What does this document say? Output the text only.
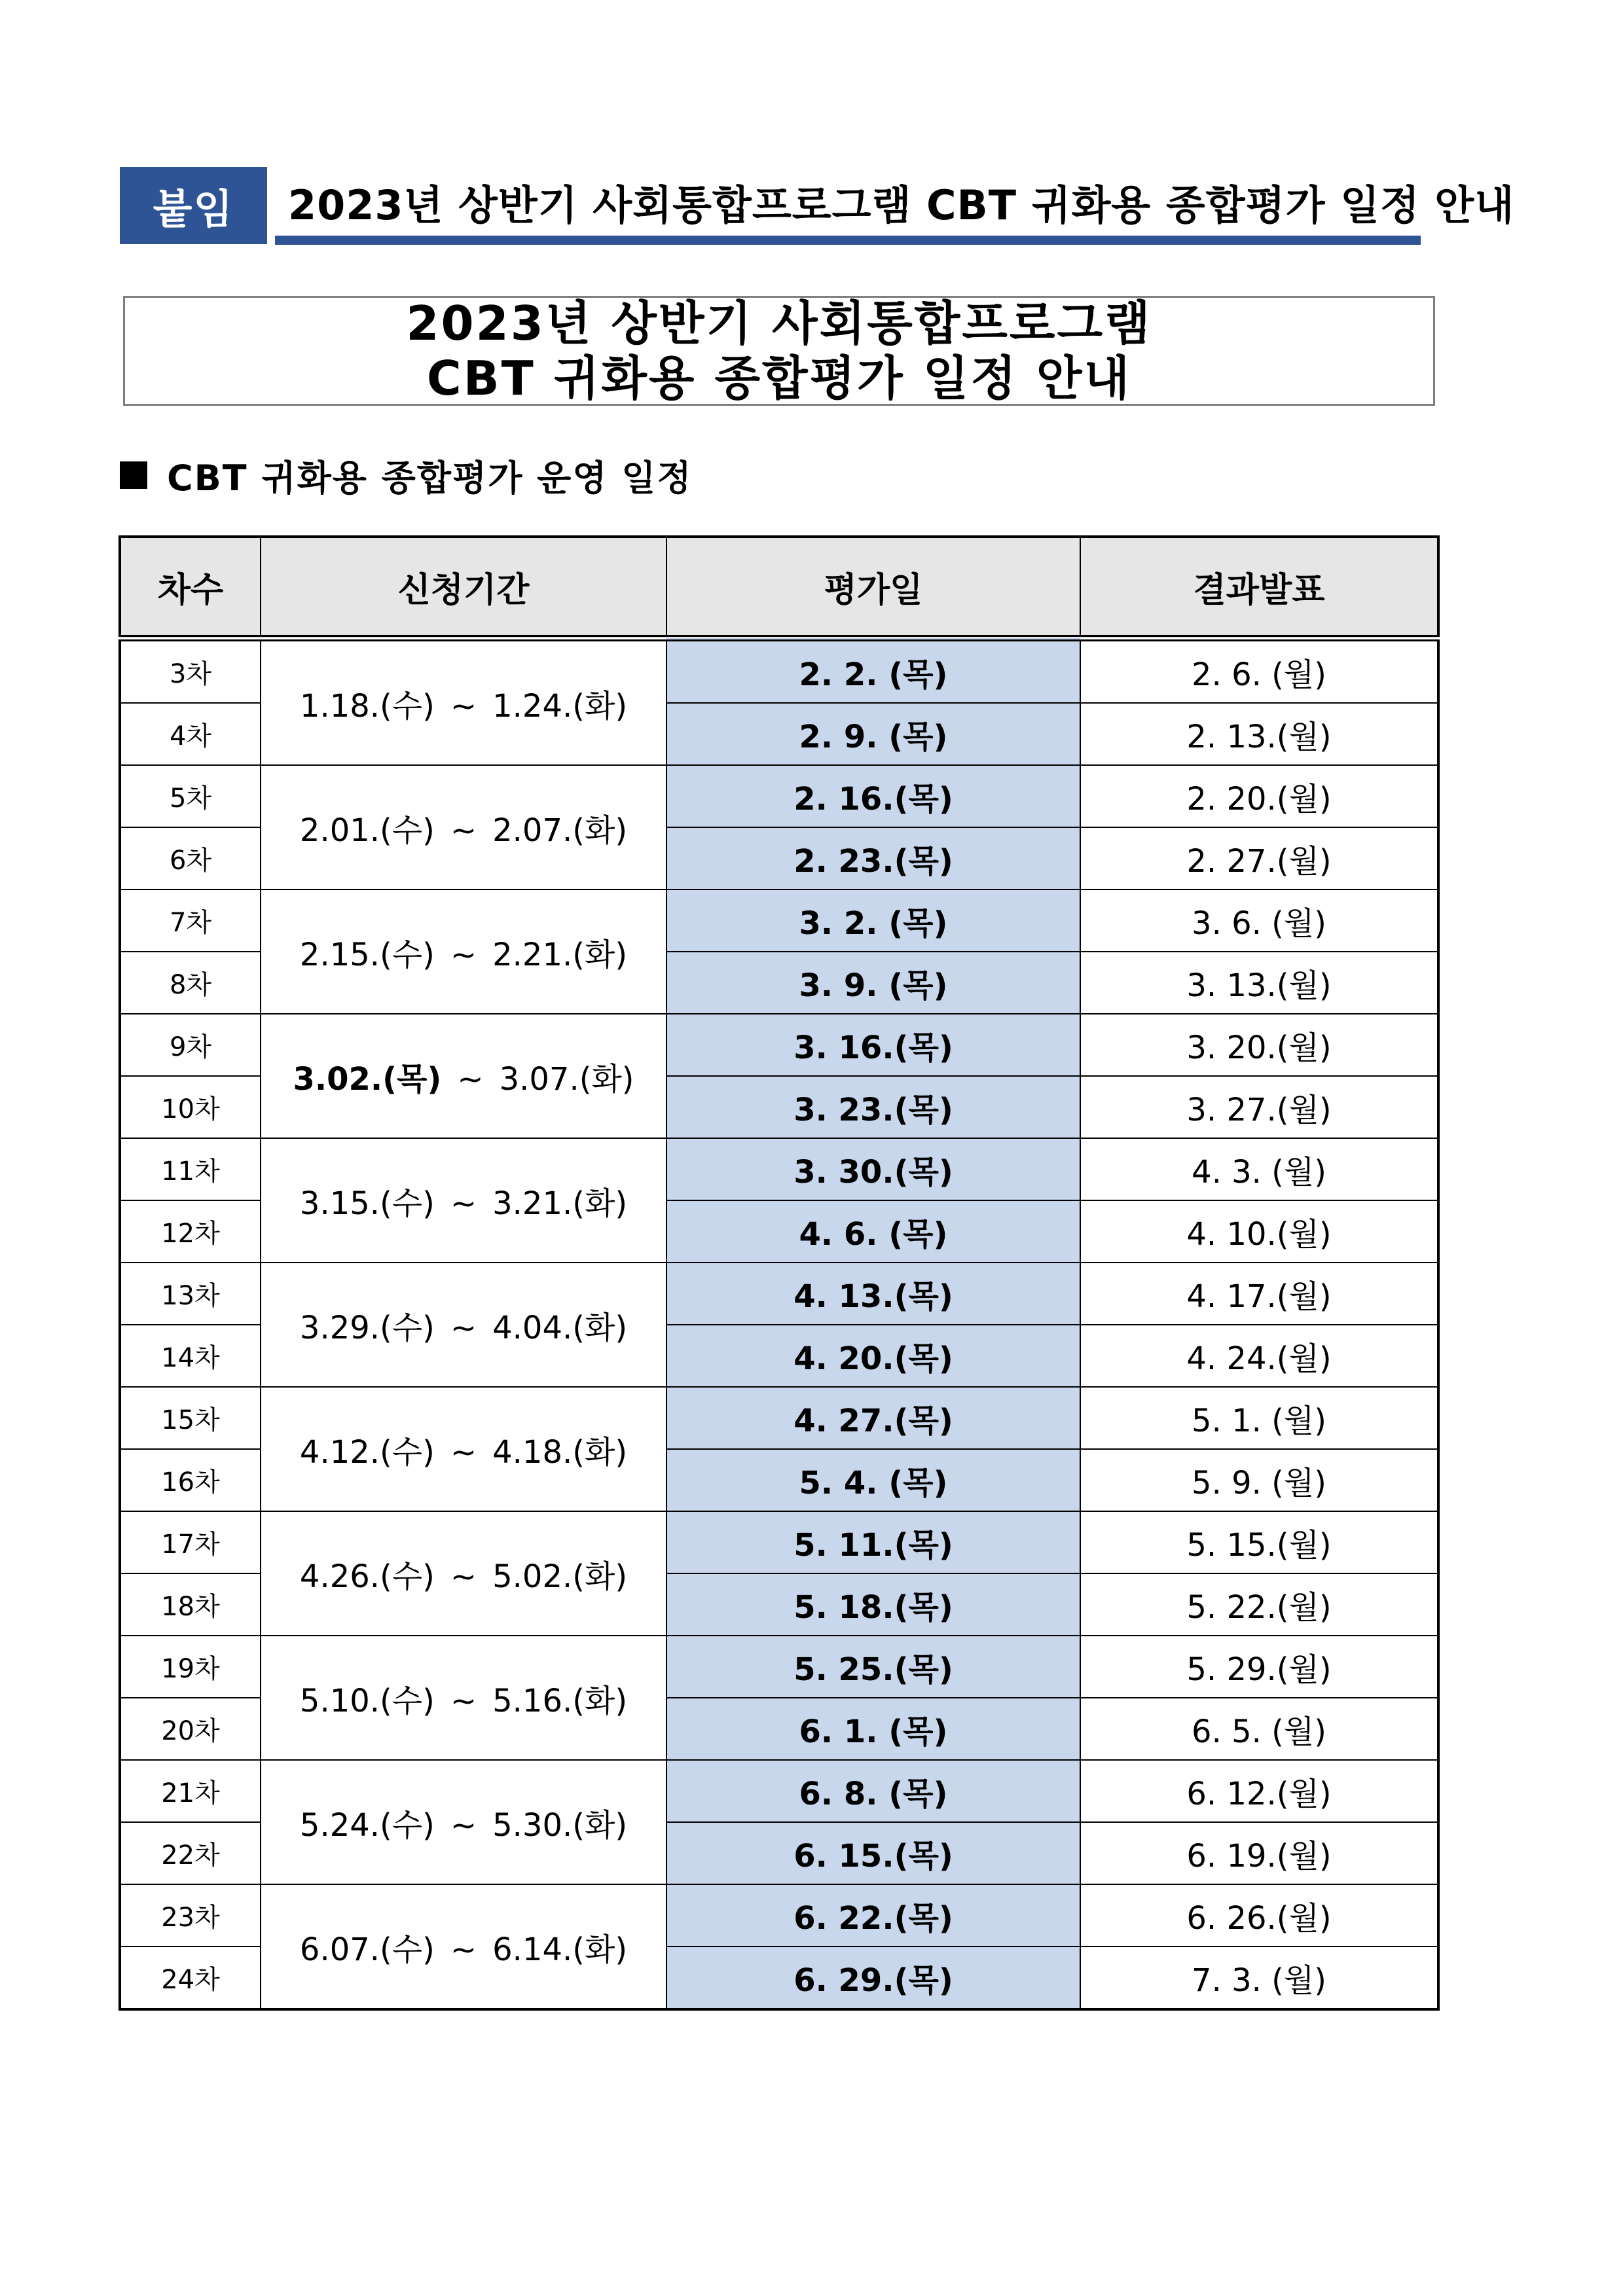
붙임	2023년 상반기 사회통합프로그램 CBT 귀화용 종합평가 일정 안내
2023년 상반기 사회통합프로그램
CBT 귀화용 종합평가 일정 안내
CBT 귀화용 종합평가 운영 일정
차수	신청기간	평가일	결과발표
3차	1.18.(수) ~ 1.24.(화)	2. 2. (목)	2. 6. (월)
4차		2. 9. (목)	2. 13.(월)
5차	2.01.(수) ~ 2.07.(화)	2. 16.(목)	2. 20.(월)
6차		2. 23.(목)	2. 27.(월)
7차	2.15.(수) ~ 2.21.(화)	3. 2. (목)	3. 6. (월)
8차		3. 9. (목)	3. 13.(월)
9차	3.02.(목) ~ 3.07.(화)	3. 16.(목)	3. 20.(월)
10차		3. 23.(목)	3. 27.(월)
11차	3.15.(수) ~ 3.21.(화)	3. 30.(목)	4. 3. (월)
12차		4. 6. (목)	4. 10.(월)
13차	3.29.(수) ~ 4.04.(화)	4. 13.(목)	4. 17.(월)
14차		4. 20.(목)	4. 24.(월)
15차	4.12.(수) ~ 4.18.(화)	4. 27.(목)	5. 1. (월)
16차		5. 4. (목)	5. 9. (월)
17차	4.26.(수) ~ 5.02.(화)	5. 11.(목)	5. 15.(월)
18차		5. 18.(목)	5. 22.(월)
19차	5.10.(수) ~ 5.16.(화)	5. 25.(목)	5. 29.(월)
20차		6. 1. (목)	6. 5. (월)
21차	5.24.(수) ~ 5.30.(화)	6. 8. (목)	6. 12.(월)
22차		6. 15.(목)	6. 19.(월)
23차	6.07.(수) ~ 6.14.(화)	6. 22.(목)	6. 26.(월)
24차		6. 29.(목)	7. 3. (월)
